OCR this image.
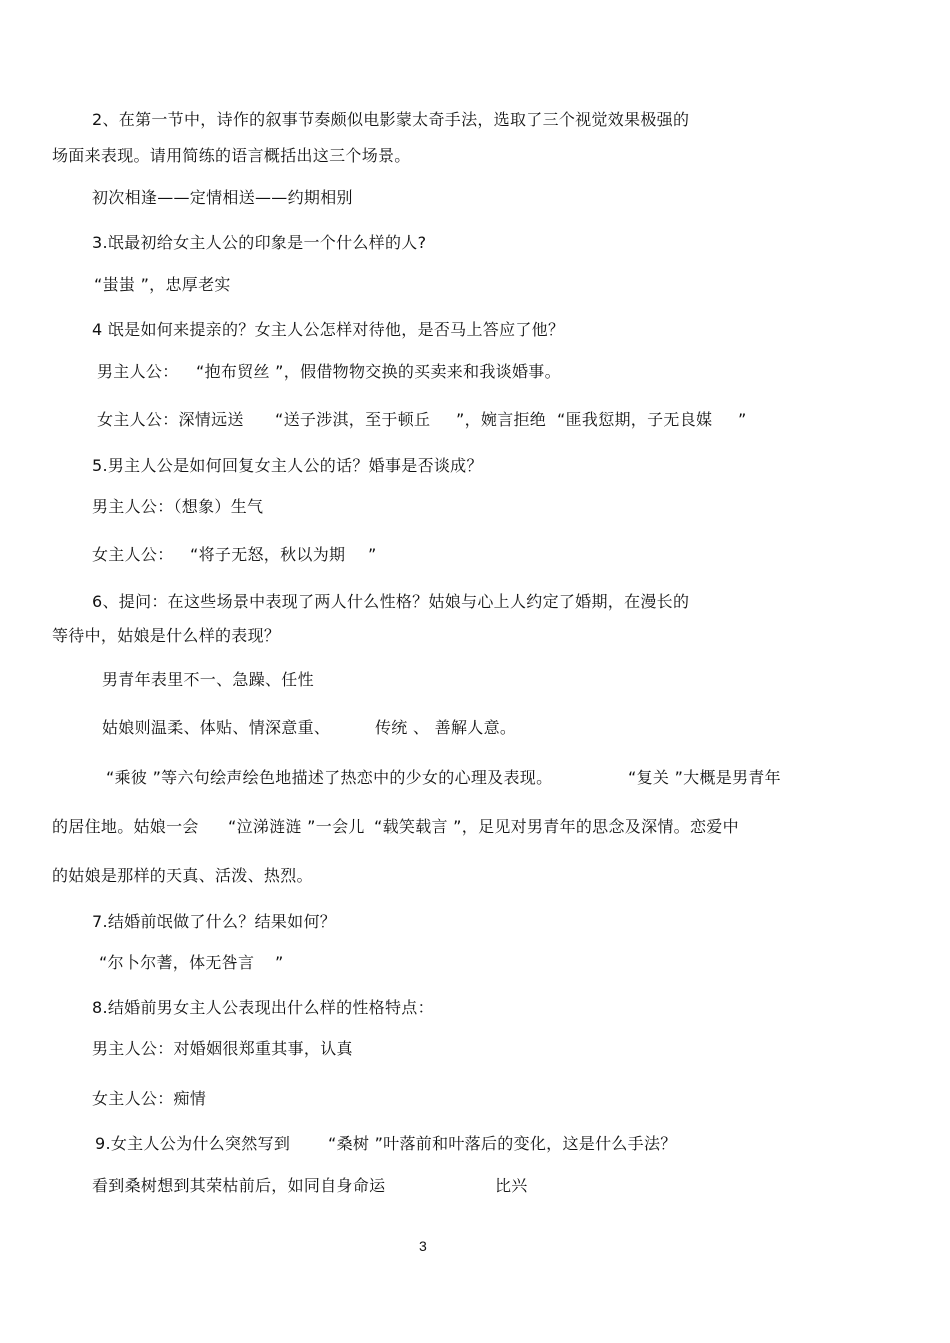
2、在第一节中，诗作的叙事节奏颇似电影蒙太奇手法，选取了三个视觉效果极强的
场面来表现。请用简练的语言概括出这三个场景。
初次相逢——定情相送——约期相别
3.氓最初给女主人公的印象是一个什么样的人?
“蚩蚩 ”，忠厚老实
4 氓是如何来提亲的？女主人公怎样对待他，是否马上答应了他？
男主人公： “抱布贸丝 ”，假借物物交换的买卖来和我谈婚事。
女主人公：深情远送 “送子涉淇，至于顿丘 ”，婉言拒绝 “匪我愆期，子无良媒 ”
5.男主人公是如何回复女主人公的话？婚事是否谈成？
男主人公：（想象）生气
女主人公： “将子无怒，秋以为期 ”
6、提问：在这些场景中表现了两人什么性格？姑娘与心上人约定了婚期，在漫长的
等待中，姑娘是什么样的表现？
男青年表里不一、急躁、任性
姑娘则温柔、体贴、情深意重、	传统 、 善解人意。
“乘彼 ”等六句绘声绘色地描述了热恋中的少女的心理及表现。	“复关 ”大概是男青年
的居住地。姑娘一会 “泣涕涟涟 ”一会儿 “载笑载言 ”，足见对男青年的思念及深情。恋爱中
的姑娘是那样的天真、活泼、热烈。
7.结婚前氓做了什么？结果如何？
“尔卜尔蓍，体无咎言 ”
8.结婚前男女主人公表现出什么样的性格特点：
男主人公：对婚姻很郑重其事，认真
女主人公：痴情
9.女主人公为什么突然写到 “桑树 ”叶落前和叶落后的变化，这是什么手法？
看到桑树想到其荣枯前后，如同自身命运	比兴
3
